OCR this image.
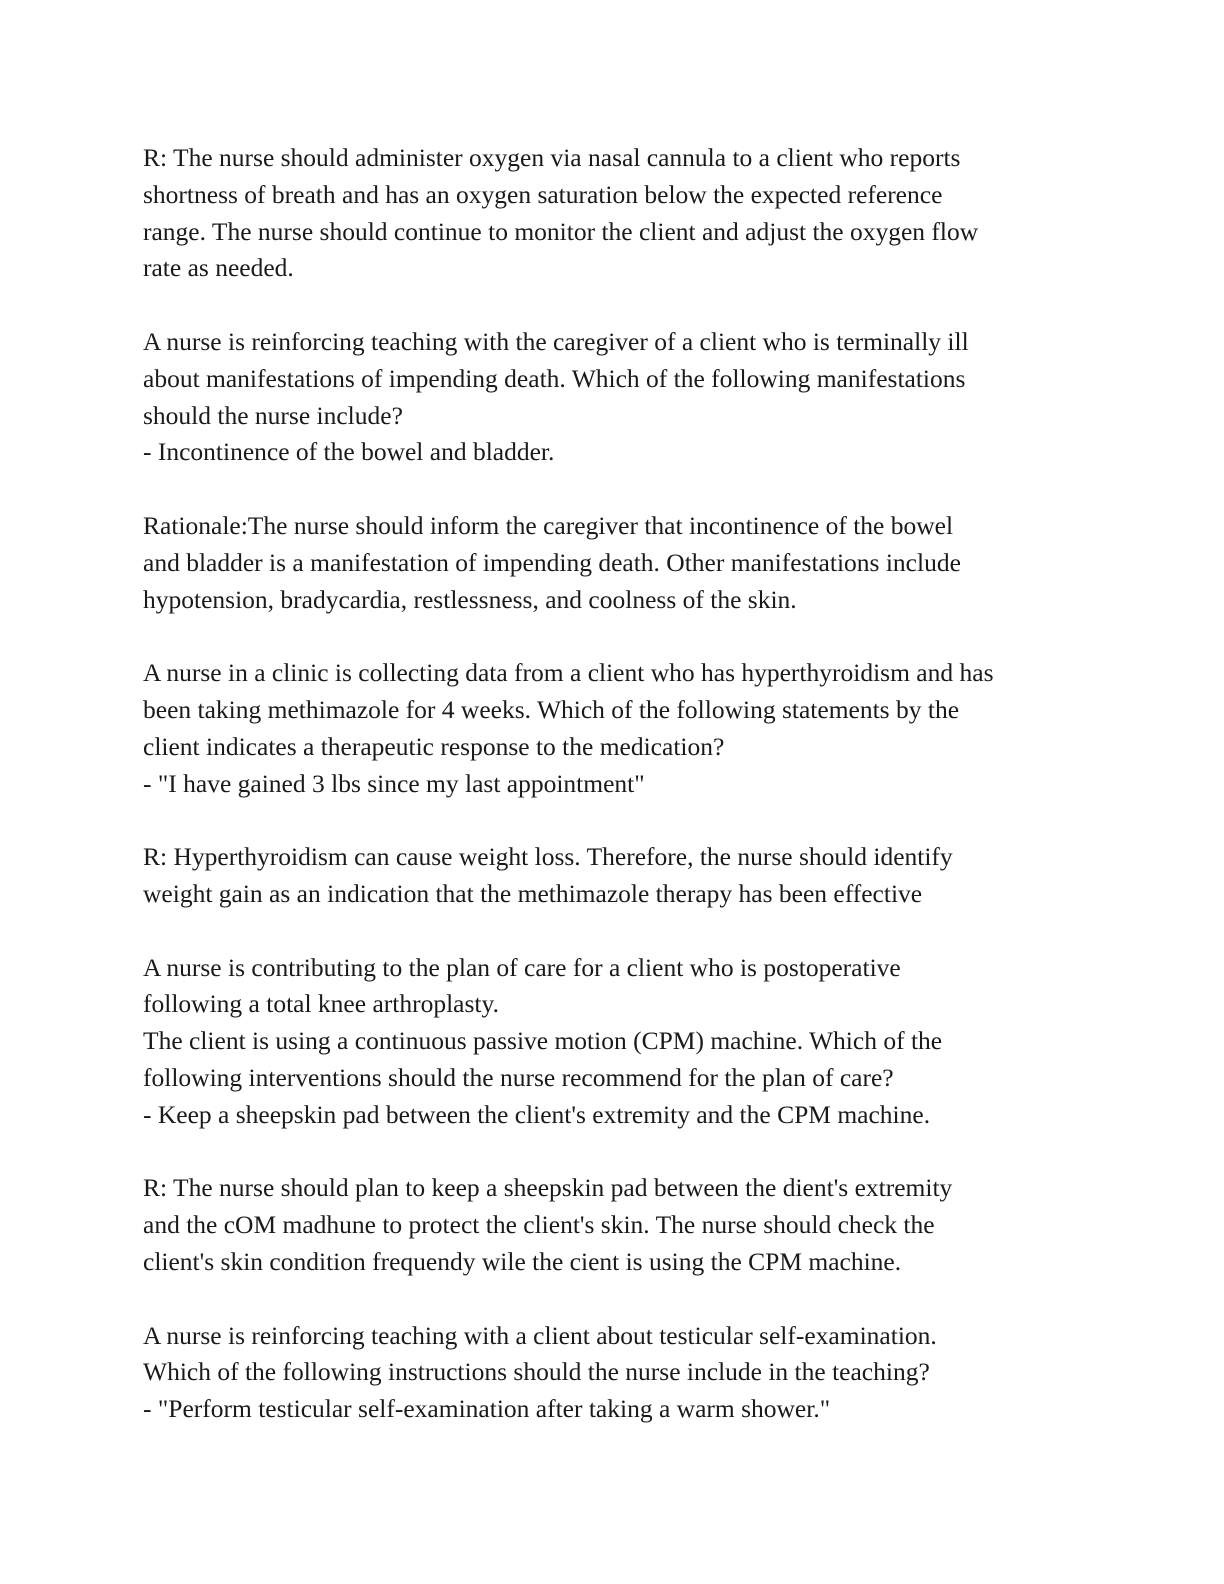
R: The nurse should administer oxygen via nasal cannula to a client who reports
shortness of breath and has an oxygen saturation below the expected reference
range. The nurse should continue to monitor the client and adjust the oxygen flow
rate as needed.
A nurse is reinforcing teaching with the caregiver of a client who is terminally ill
about manifestations of impending death. Which of the following manifestations
should the nurse include?
- Incontinence of the bowel and bladder.
Rationale:The nurse should inform the caregiver that incontinence of the bowel
and bladder is a manifestation of impending death. Other manifestations include
hypotension, bradycardia, restlessness, and coolness of the skin.
A nurse in a clinic is collecting data from a client who has hyperthyroidism and has
been taking methimazole for 4 weeks. Which of the following statements by the
client indicates a therapeutic response to the medication?
- "I have gained 3 lbs since my last appointment"
R: Hyperthyroidism can cause weight loss. Therefore, the nurse should identify
weight gain as an indication that the methimazole therapy has been effective
A nurse is contributing to the plan of care for a client who is postoperative
following a total knee arthroplasty.
The client is using a continuous passive motion (CPM) machine. Which of the
following interventions should the nurse recommend for the plan of care?
- Keep a sheepskin pad between the client's extremity and the CPM machine.
R: The nurse should plan to keep a sheepskin pad between the dient's extremity
and the cOM madhune to protect the client's skin. The nurse should check the
client's skin condition frequendy wile the cient is using the CPM machine.
A nurse is reinforcing teaching with a client about testicular self-examination.
Which of the following instructions should the nurse include in the teaching?
- "Perform testicular self-examination after taking a warm shower."
